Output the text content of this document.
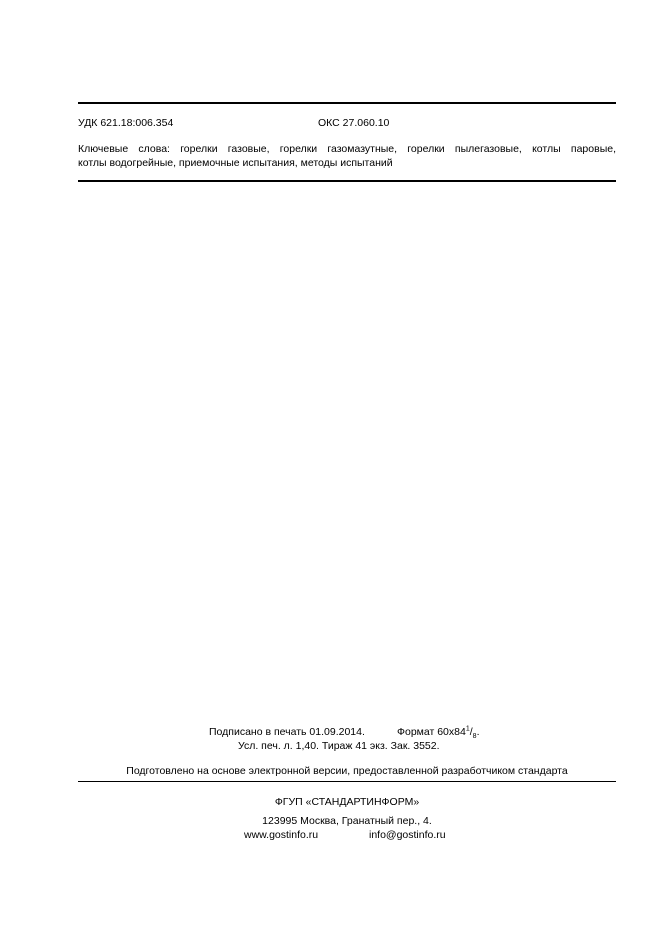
УДК 621.18:006.354	ОКС 27.060.10
Ключевые слова: горелки газовые, горелки газомазутные, горелки пылегазовые, котлы паровые,
котлы водогрейные, приемочные испытания, методы испытаний
Подписано в печать 01.09.2014.	Формат $60x84^1/_8$.
Усл. печ. л. 1,40. Тираж 41 экз. Зак. 3552.
Подготовлено на основе электронной версии, предоставленной разработчиком стандарта
ФГУП «СТАНДАРТИНФОРМ»
123995 Москва, Гранатный пер., 4.
www.gostinfo.ru	info@gostinfo.ru
